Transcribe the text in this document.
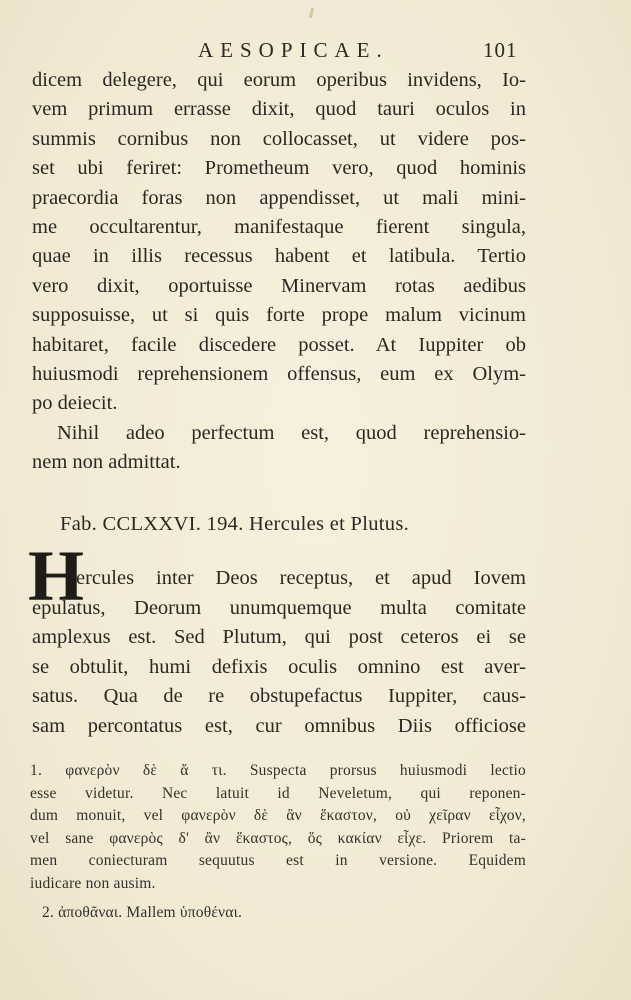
AESOPICAE.	101
dicem delegere, qui eorum operibus invidens, Io-
vem primum errasse dixit, quod tauri oculos in
summis cornibus non collocasset, ut videre pos-
set ubi feriret: Prometheum vero, quod hominis
praecordia foras non appendisset, ut mali mini-
me occultarentur, manifestaque fierent singula,
quae in illis recessus habent et latibula. Tertio
vero dixit, oportuisse Minervam rotas aedibus
supposuisse, ut si quis forte prope malum vicinum
habitaret, facile discedere posset. At Iuppiter ob
huiusmodi reprehensionem offensus, eum ex Olym-
po deiecit.
Nihil adeo perfectum est, quod reprehensio-
nem non admittat.
Fab. CCLXXVI. 194. Hercules et Plutus.
H
ercules inter Deos receptus, et apud Iovem
epulatus, Deorum unumquemque multa comitate
amplexus est. Sed Plutum, qui post ceteros ei se
se obtulit, humi defixis oculis omnino est aver-
satus. Qua de re obstupefactus Iuppiter, caus-
sam percontatus est, cur omnibus Diis officiose
1. φανερὸν δὲ ἄ τι. Suspecta prorsus huiusmodi lectio
esse videtur. Nec latuit id Neveletum, qui reponen-
dum monuit, vel φανερὸν δὲ ἂν ἕκαστον, οὐ χεῖραν εἶχον,
vel sane φανερὸς δ' ἂν ἕκαστος, ὅς κακίαν εἶχε. Priorem ta-
men coniecturam sequutus est in versione. Equidem
iudicare non ausim.
2. ἀποθᾶναι. Mallem ὑποθέναι.
